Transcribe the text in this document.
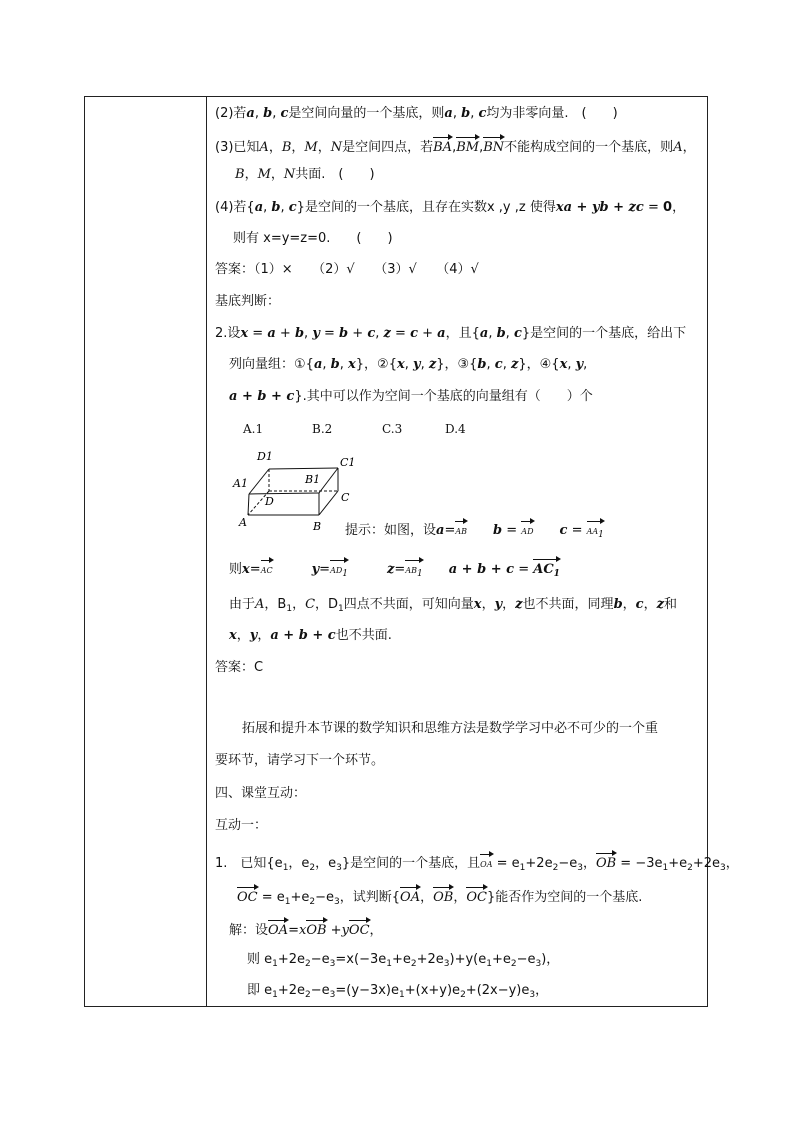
(2)若a, b, c是空间向量的一个基底，则a, b, c均为非零向量.　(　　)
(3)已知A，B，M，N是空间四点，若BA,BM,BN不能构成空间的一个基底，则A，
B，M，N共面.　(　　)
(4)若{a, b, c}是空间的一个基底，且存在实数x ,y ,z 使得xa + yb + zc = 0，
则有 x=y=z=0.　　(　　)
答案：（1）×　　（2）√　　（3）√　　（4）√
基底判断：
2.设x = a + b, y = b + c, z = c + a，且{a, b, c}是空间的一个基底，给出下
列向量组：①{a, b, x}，②{x, y, z}，③{b, c, z}，④{x, y,
a + b + c}.其中可以作为空间一个基底的向量组有（　　）个
A.1	B.2	C.3	D.4
D1	C1
A1	B1
C
D
A	B 提示：如图，设a=AB　　 b = AD　　 c = AA1
则x=AC　　　	y=AD1　　　	z=AB1　　 $a + b + c = AC_1$
由于A，$B_1$，C，$D_1$四点不共面，可知向量x，y，z也不共面，同理b，c，z和
x，y，a + b + c也不共面.
答案：C
拓展和提升本节课的数学知识和思维方法是数学学习中必不可少的一个重
要环节，请学习下一个环节。
四、课堂互动：
互动一：
1.　已知{$e_1$，$e_2$，$e_3$}是空间的一个基底，且OA = $e_1+2e_2-e_3$，OB = $-3e_1+e_2+2e_3$，
OC = $e_1+e_2-e_3$，试判断{OA，OB，OC}能否作为空间的一个基底.
解：设OA=xOB +yOC，
则 $e_1+2e_2-e_3=x(-3e_1+e_2+2e_3)+y(e_1+e_2-e_3)$，
即 $e_1+2e_2-e_3=(y-3x)e_1+(x+y)e_2+(2x-y)e_3$，
